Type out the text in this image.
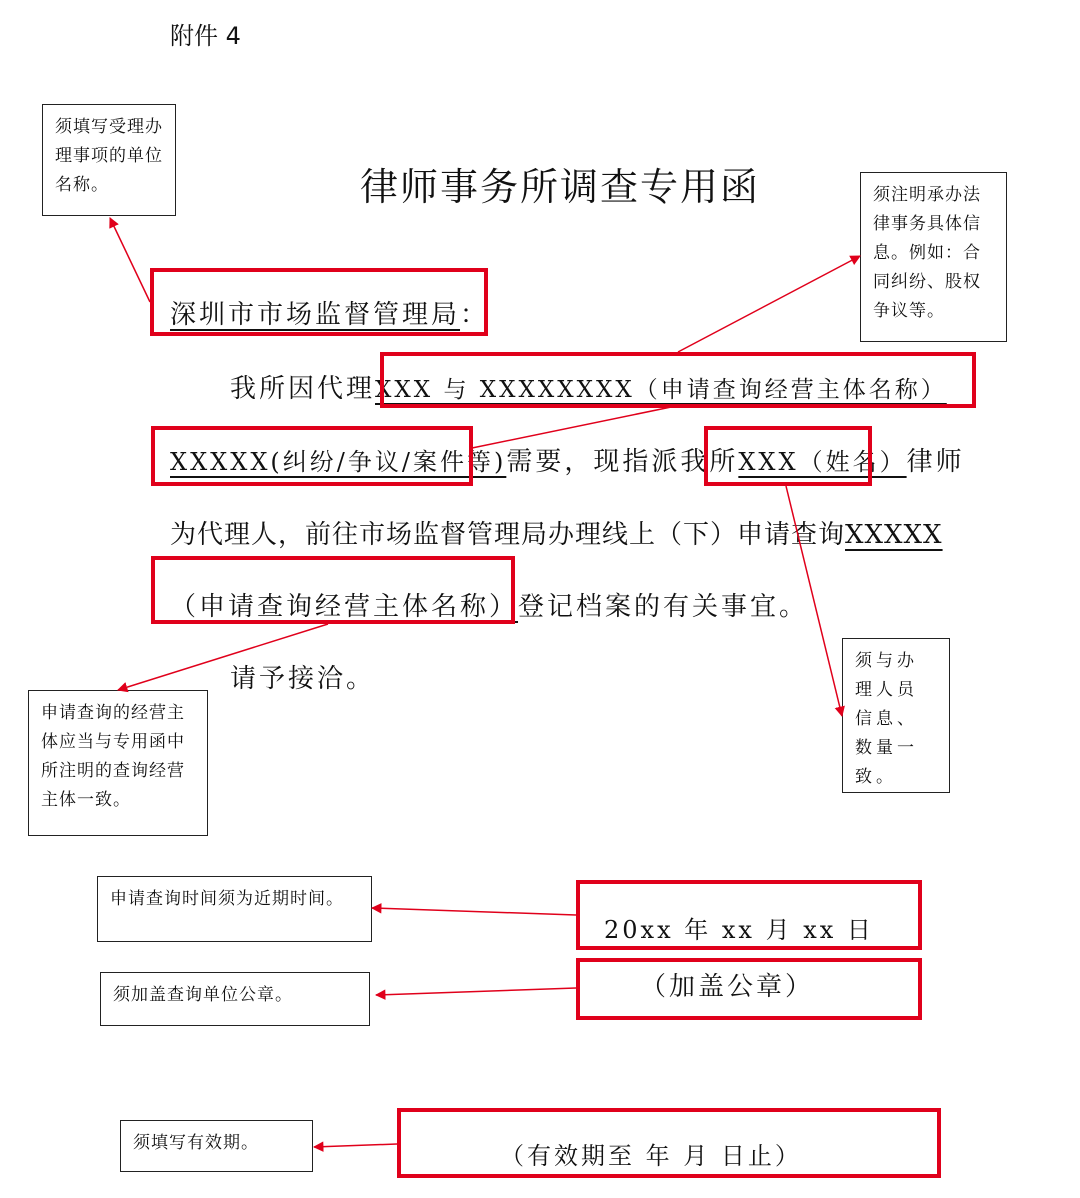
附件 4
律师事务所调查专用函
深圳市市场监督管理局：
我所因代理XXX 与 XXXXXXXX（申请查询经营主体名称）
XXXXX(纠纷/争议/案件等)需要，现指派我所XXX（姓名）律师
为代理人，前往市场监督管理局办理线上（下）申请查询XXXXX
（申请查询经营主体名称）登记档案的有关事宜。
请予接洽。
20xx 年 xx 月 xx 日
（加盖公章）
（有效期至 年 月 日止）
须填写受理办理事项的单位名称。	须注明承办法律事务具体信息。例如：合同纠纷、股权争议等。
须与办理人员信息、数量一致。
申请查询的经营主体应当与专用函中所注明的查询经营主体一致。
申请查询时间须为近期时间。
须加盖查询单位公章。
须填写有效期。
